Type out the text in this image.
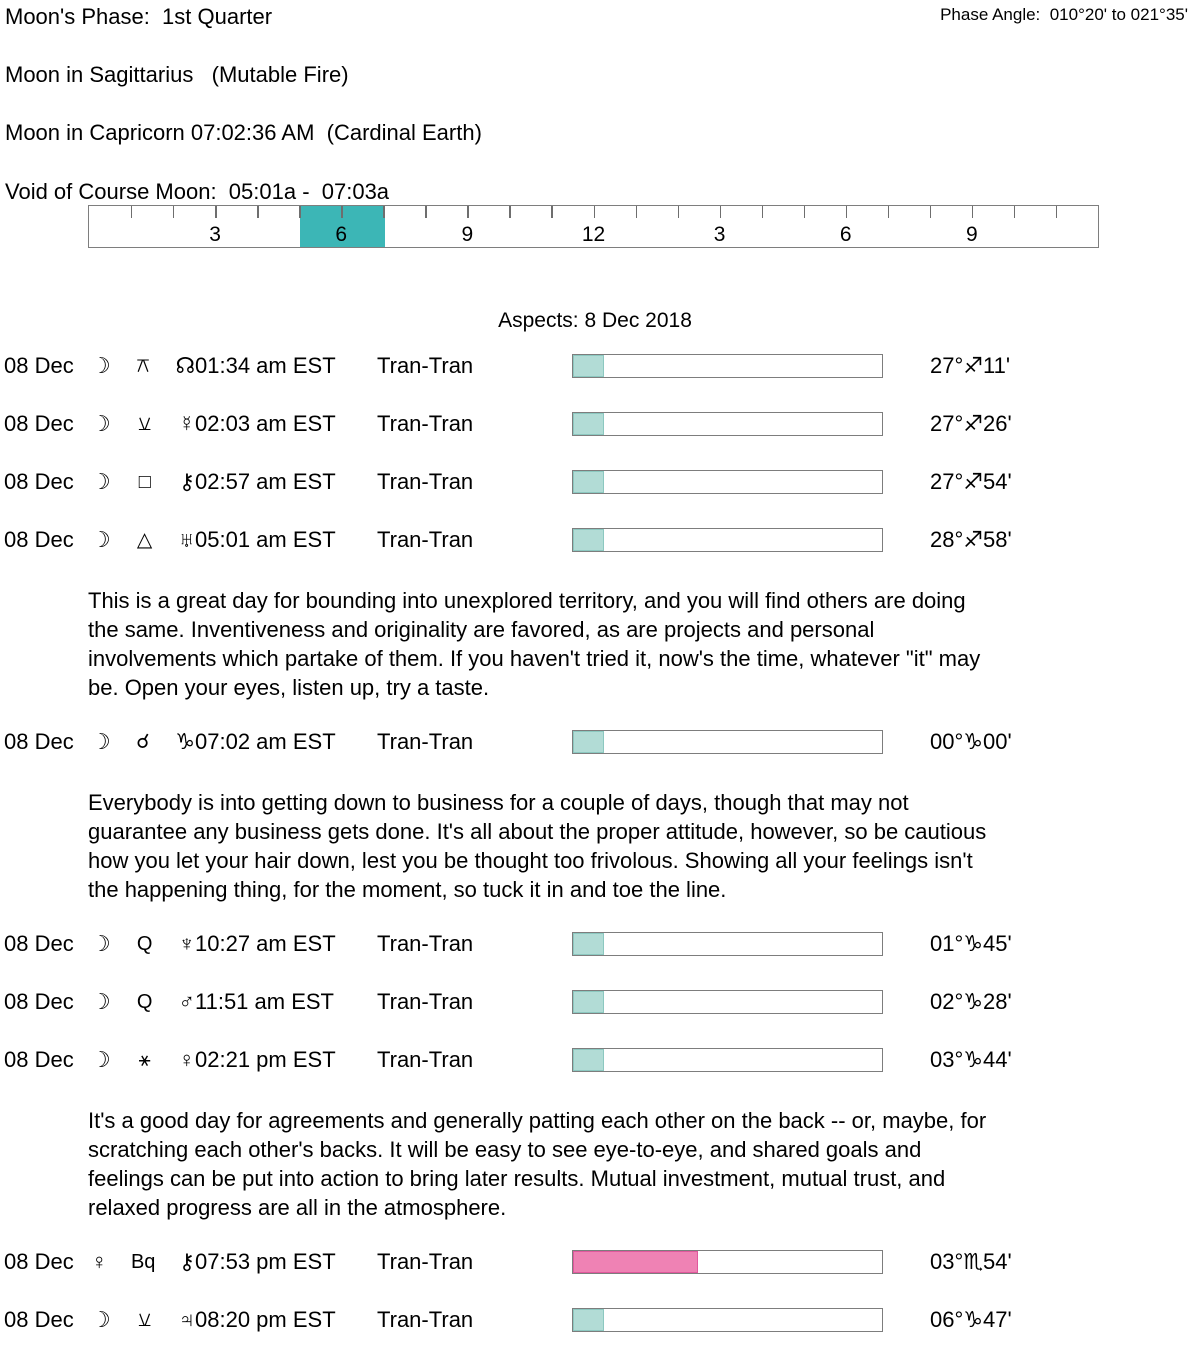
Moon's Phase:  1st Quarter	Phase Angle:  010°20' to 021°35'
Moon in Sagittarius   (Mutable Fire)
Moon in Capricorn 07:02:36 AM  (Cardinal Earth)
Void of Course Moon:  05:01a -  07:03a
3	6	9	12	3	6	9
Aspects: 8 Dec 2018
08 Dec ☽ ⚻ ☊ 01:34 am EST	Tran-Tran	27°♐11'
08 Dec ☽ ⚺ ☿ 02:03 am EST	Tran-Tran	27°♐26'
08 Dec ☽ □ ⚷ 02:57 am EST	Tran-Tran	27°♐54'
08 Dec ☽ △ ♅ 05:01 am EST	Tran-Tran	28°♐58'
This is a great day for bounding into unexplored territory, and you will find others are doing
the same. Inventiveness and originality are favored, as are projects and personal
involvements which partake of them. If you haven't tried it, now's the time, whatever "it" may
be. Open your eyes, listen up, try a taste.
08 Dec ☽ ☌ ♑ 07:02 am EST	Tran-Tran	00°♑00'
Everybody is into getting down to business for a couple of days, though that may not
guarantee any business gets done. It's all about the proper attitude, however, so be cautious
how you let your hair down, lest you be thought too frivolous. Showing all your feelings isn't
the happening thing, for the moment, so tuck it in and toe the line.
08 Dec ☽ Q ♆ 10:27 am EST	Tran-Tran	01°♑45'
08 Dec ☽ Q ♂ 11:51 am EST	Tran-Tran	02°♑28'
08 Dec ☽ ⚹ ♀ 02:21 pm EST	Tran-Tran	03°♑44'
It's a good day for agreements and generally patting each other on the back -- or, maybe, for
scratching each other's backs. It will be easy to see eye-to-eye, and shared goals and
feelings can be put into action to bring later results. Mutual investment, mutual trust, and
relaxed progress are all in the atmosphere.
08 Dec ♀ Bq ⚷ 07:53 pm EST	Tran-Tran	03°♏54'
08 Dec ☽ ⚺ ♃ 08:20 pm EST	Tran-Tran	06°♑47'
